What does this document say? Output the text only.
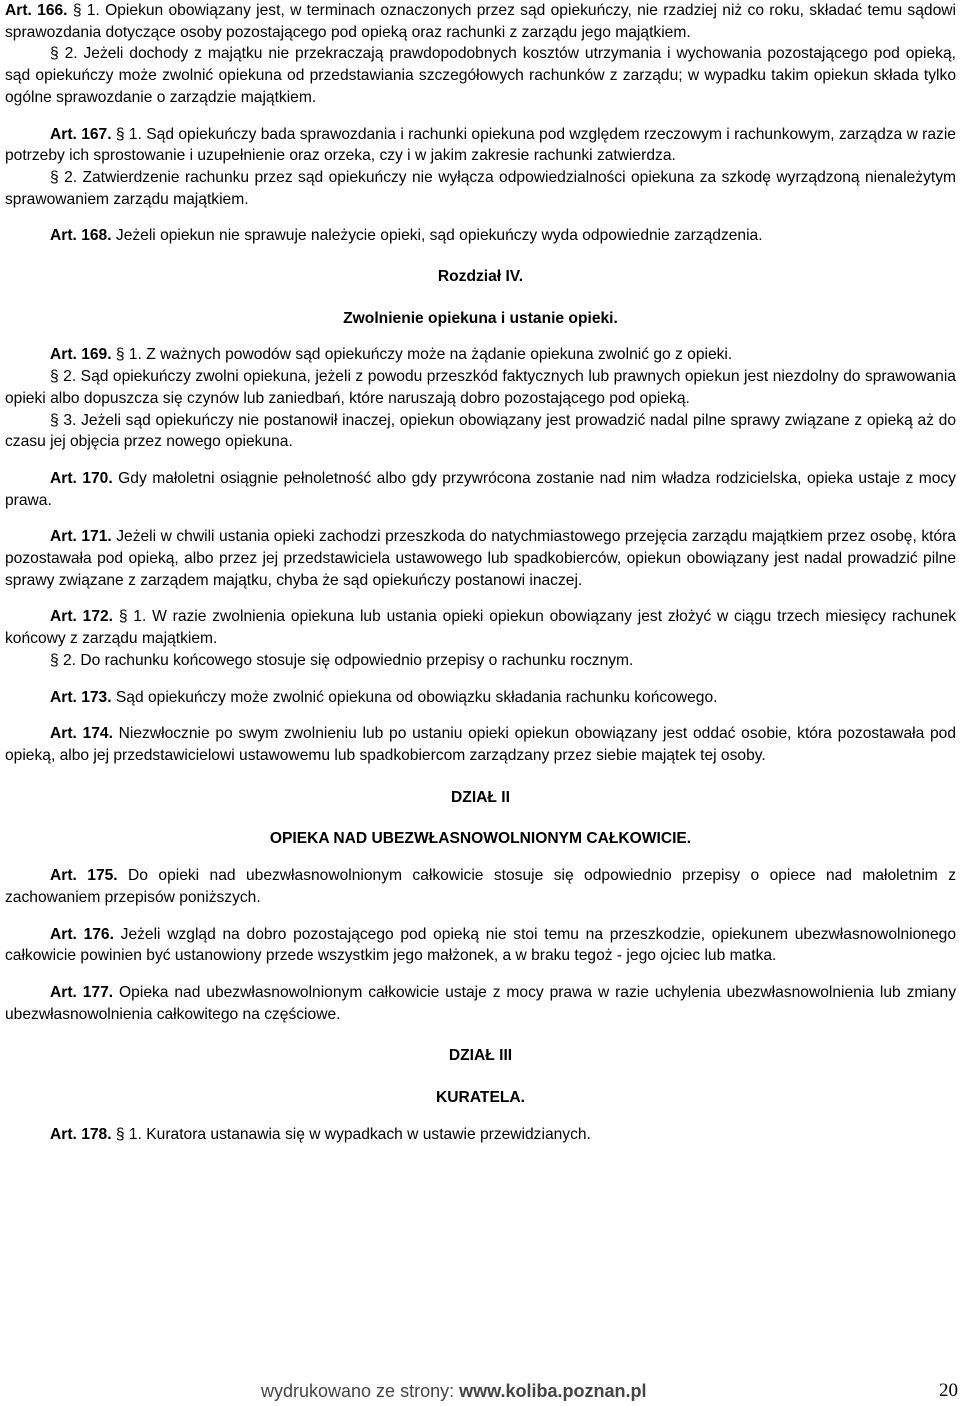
Art. 166. § 1. Opiekun obowiązany jest, w terminach oznaczonych przez sąd opiekuńczy, nie rzadziej niż co roku, składać temu sądowi sprawozdania dotyczące osoby pozostającego pod opieką oraz rachunki z zarządu jego majątkiem.

§ 2. Jeżeli dochody z majątku nie przekraczają prawdopodobnych kosztów utrzymania i wychowania pozostającego pod opieką, sąd opiekuńczy może zwolnić opiekuna od przedstawiania szczegółowych rachunków z zarządu; w wypadku takim opiekun składa tylko ogólne sprawozdanie o zarządzie majątkiem.

Art. 167. § 1. Sąd opiekuńczy bada sprawozdania i rachunki opiekuna pod względem rzeczowym i rachunkowym, zarządza w razie potrzeby ich sprostowanie i uzupełnienie oraz orzeka, czy i w jakim zakresie rachunki zatwierdza.

§ 2. Zatwierdzenie rachunku przez sąd opiekuńczy nie wyłącza odpowiedzialności opiekuna za szkodę wyrządzoną nienależytym sprawowaniem zarządu majątkiem.

Art. 168. Jeżeli opiekun nie sprawuje należycie opieki, sąd opiekuńczy wyda odpowiednie zarządzenia.

Rozdział IV.

Zwolnienie opiekuna i ustanie opieki.

Art. 169. § 1. Z ważnych powodów sąd opiekuńczy może na żądanie opiekuna zwolnić go z opieki.

§ 2. Sąd opiekuńczy zwolni opiekuna, jeżeli z powodu przeszkód faktycznych lub prawnych opiekun jest niezdolny do sprawowania opieki albo dopuszcza się czynów lub zaniedbań, które naruszają dobro pozostającego pod opieką.

§ 3. Jeżeli sąd opiekuńczy nie postanowił inaczej, opiekun obowiązany jest prowadzić nadal pilne sprawy związane z opieką aż do czasu jej objęcia przez nowego opiekuna.

Art. 170. Gdy małoletni osiągnie pełnoletność albo gdy przywrócona zostanie nad nim władza rodzicielska, opieka ustaje z mocy prawa.

Art. 171. Jeżeli w chwili ustania opieki zachodzi przeszkoda do natychmiastowego przejęcia zarządu majątkiem przez osobę, która pozostawała pod opieką, albo przez jej przedstawiciela ustawowego lub spadkobierców, opiekun obowiązany jest nadal prowadzić pilne sprawy związane z zarządem majątku, chyba że sąd opiekuńczy postanowi inaczej.

Art. 172. § 1. W razie zwolnienia opiekuna lub ustania opieki opiekun obowiązany jest złożyć w ciągu trzech miesięcy rachunek końcowy z zarządu majątkiem.

§ 2. Do rachunku końcowego stosuje się odpowiednio przepisy o rachunku rocznym.

Art. 173. Sąd opiekuńczy może zwolnić opiekuna od obowiązku składania rachunku końcowego.

Art. 174. Niezwłocznie po swym zwolnieniu lub po ustaniu opieki opiekun obowiązany jest oddać osobie, która pozostawała pod opieką, albo jej przedstawicielowi ustawowemu lub spadkobiercom zarządzany przez siebie majątek tej osoby.

DZIAŁ II

OPIEKA NAD UBEZWŁASNOWOLNIONYM CAŁKOWICIE.

Art. 175. Do opieki nad ubezwłasnowolnionym całkowicie stosuje się odpowiednio przepisy o opiece nad małoletnim z zachowaniem przepisów poniższych.

Art. 176. Jeżeli wzgląd na dobro pozostającego pod opieką nie stoi temu na przeszkodzie, opiekunem ubezwłasnowolnionego całkowicie powinien być ustanowiony przede wszystkim jego małżonek, a w braku tegoż - jego ojciec lub matka.

Art. 177. Opieka nad ubezwłasnowolnionym całkowicie ustaje z mocy prawa w razie uchylenia ubezwłasnowolnienia lub zmiany ubezwłasnowolnienia całkowitego na częściowe.

DZIAŁ III

KURATELA.

Art. 178. § 1. Kuratora ustanawia się w wypadkach w ustawie przewidzianych.

wydrukowano ze strony: www.koliba.poznan.pl	20
